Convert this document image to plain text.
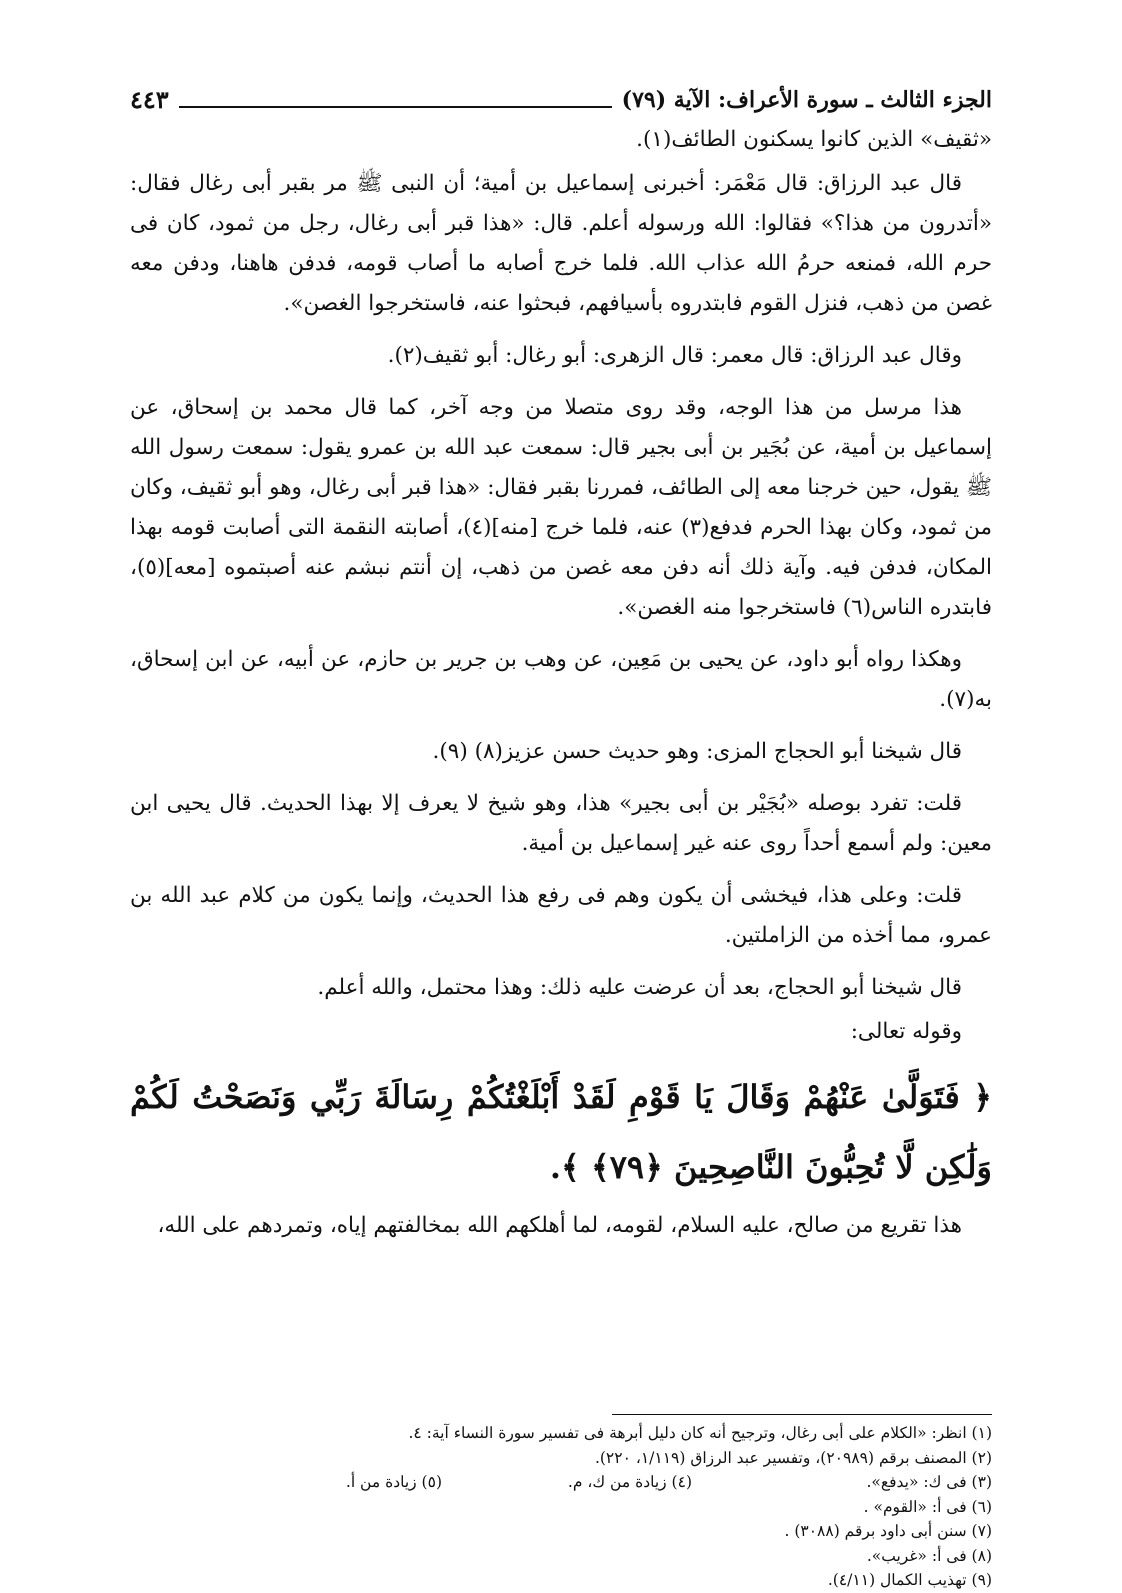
الجزء الثالث ـ سورة الأعراف: الآية (٧٩)
٤٤٣

«ثقيف» الذين كانوا يسكنون الطائف(١).

قال عبد الرزاق: قال مَعْمَر: أخبرنى إسماعيل بن أمية؛ أن النبى ﷺ مر بقبر أبى رغال فقال: «أتدرون من هذا؟» فقالوا: الله ورسوله أعلم. قال: «هذا قبر أبى رغال، رجل من ثمود، كان فى حرم الله، فمنعه حرمُ الله عذاب الله. فلما خرج أصابه ما أصاب قومه، فدفن هاهنا، ودفن معه غصن من ذهب، فنزل القوم فابتدروه بأسيافهم، فبحثوا عنه، فاستخرجوا الغصن».

وقال عبد الرزاق: قال معمر: قال الزهرى: أبو رغال: أبو ثقيف(٢).

هذا مرسل من هذا الوجه، وقد روى متصلا من وجه آخر، كما قال محمد بن إسحاق، عن إسماعيل بن أمية، عن بُجَير بن أبى بجير قال: سمعت عبد الله بن عمرو يقول: سمعت رسول الله ﷺ يقول، حين خرجنا معه إلى الطائف، فمررنا بقبر فقال: «هذا قبر أبى رغال، وهو أبو ثقيف، وكان من ثمود، وكان بهذا الحرم فدفع(٣) عنه، فلما خرج [منه](٤)، أصابته النقمة التى أصابت قومه بهذا المكان، فدفن فيه. وآية ذلك أنه دفن معه غصن من ذهب، إن أنتم نبشم عنه أصبتموه [معه](٥)، فابتدره الناس(٦) فاستخرجوا منه الغصن».

وهكذا رواه أبو داود، عن يحيى بن مَعِين، عن وهب بن جرير بن حازم، عن أبيه، عن ابن إسحاق، به(٧).

قال شيخنا أبو الحجاج المزى: وهو حديث حسن عزيز(٨) (٩).

قلت: تفرد بوصله «بُجَيْر بن أبى بجير» هذا، وهو شيخ لا يعرف إلا بهذا الحديث. قال يحيى ابن معين: ولم أسمع أحداً روى عنه غير إسماعيل بن أمية.

قلت: وعلى هذا، فيخشى أن يكون وهم فى رفع هذا الحديث، وإنما يكون من كلام عبد الله بن عمرو، مما أخذه من الزاملتين.

قال شيخنا أبو الحجاج، بعد أن عرضت عليه ذلك: وهذا محتمل، والله أعلم.

وقوله تعالى:

﴿ فَتَوَلَّىٰ عَنْهُمْ وَقَالَ يَا قَوْمِ لَقَدْ أَبْلَغْتُكُمْ رِسَالَةَ رَبِّي وَنَصَحْتُ لَكُمْ وَلَٰكِن لَّا تُحِبُّونَ النَّاصِحِينَ ﴿٧٩﴾ ﴾.

هذا تقريع من صالح، عليه السلام، لقومه، لما أهلكهم الله بمخالفتهم إياه، وتمردهم على الله،

(١) انظر: «الكلام على أبى رغال، وترجيح أنه كان دليل أبرهة فى تفسير سورة النساء آية: ٤.
(٢) المصنف برقم (٢٠٩٨٩)، وتفسير عبد الرزاق (١/١١٩، ٢٢٠).
(٣) فى ك: «يدفع».
(٤) زيادة من ك، م.
(٥) زيادة من أ.
(٦) فى أ: «القوم» .
(٧) سنن أبى داود برقم (٣٠٨٨) .
(٨) فى أ: «غريب».
(٩) تهذيب الكمال (٤/١١).
